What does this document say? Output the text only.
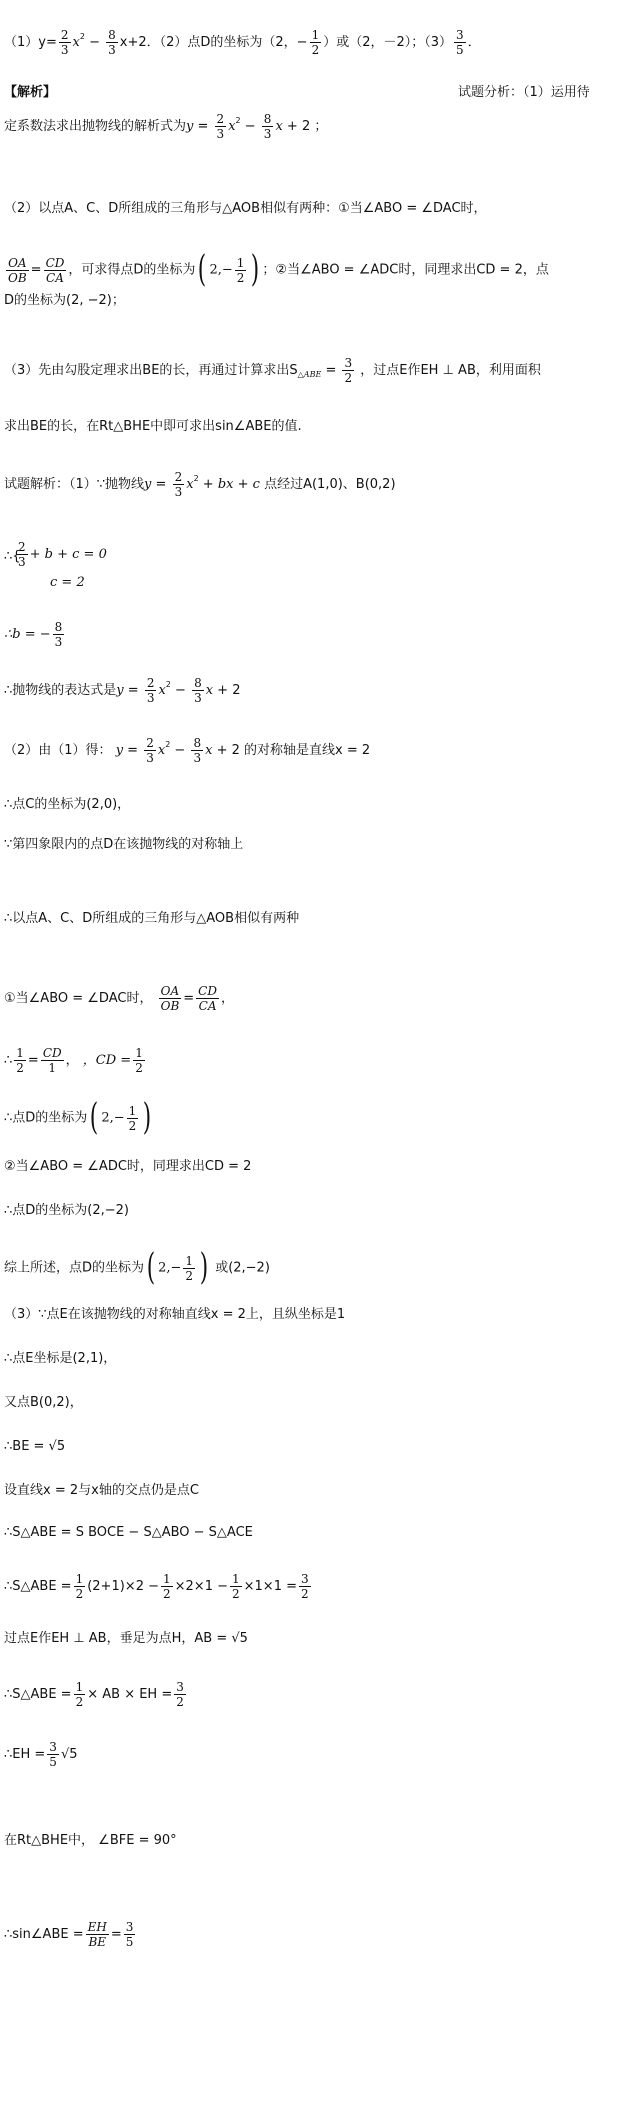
$(1)y= \frac{2}{3} x^2 - \frac{8}{3} x+2$．（2）点D的坐标为（2，− $\frac{1}{2}$ ）或（2，－2）；$(3) \frac{3}{5}$ ．
【解析】	试题分析：（1）运用待
定系数法求出抛物线的解析式为$y = \frac{2}{3} x^2 - \frac{8}{3}$ x + 2 ；
（2）以点A、C、D所组成的三角形与△AOB相似有两种：①当∠ABO = ∠DAC时，
$\frac{OA}{OB} = \frac{CD}{CA}$ ，可求得点D的坐标为( $2,- \frac{1}{2}$ ) ；②当∠ABO = ∠ADC时，同理求出CD = 2，点
D的坐标为(2, −2)；
（3）先由勾股定理求出BE的长，再通过计算求出$S_{\triangle ABE} = \frac{3}{2}$ ，过点E作EH ⊥ AB，利用面积
求出BE的长，在Rt△BHE中即可求出sin∠ABE的值.
试题解析：（1）∵抛物线$y = \frac{2}{3} x^2$ + bx + c 点经过A(1,0)、B(0,2)
$\frac{2}{3} + b + c = 0$
∴{
c = 2
∴b = − $\frac{8}{3}$
∴抛物线的表达式是$y = \frac{2}{3} x^2 - \frac{8}{3}$ x + 2
（2）由（1）得： $y = \frac{2}{3} x^2 - \frac{8}{3}$ x + 2 的对称轴是直线x = 2
∴点C的坐标为(2,0)，
∵第四象限内的点D在该抛物线的对称轴上
∴以点A、C、D所组成的三角形与△AOB相似有两种
①当∠ABO = ∠DAC时， $\frac{OA}{OB} = \frac{CD}{CA}$ ，
∴ $\frac{1}{2} = \frac{CD}{1}$ ， ，CD = $\frac{1}{2}$
∴点D的坐标为( $2,- \frac{1}{2}$ )
②当∠ABO = ∠ADC时，同理求出CD = 2
∴点D的坐标为(2,−2)
综上所述，点D的坐标为( $2,- \frac{1}{2}$ ) 或(2,−2)
（3）∵点E在该抛物线的对称轴直线x = 2上，且纵坐标是1
∴点E坐标是(2,1)，
又点B(0,2)，
∴BE = √5
设直线x = 2与x轴的交点仍是点C
∴S△ABE = S BOCE − S△ABO − S△ACE
∴S△ABE = $\frac{1}{2} (2+1)\times 2 - \frac{1}{2} \times 2\times 1 - \frac{1}{2} \times 1\times 1 = \frac{3}{2}$
过点E作EH ⊥ AB，垂足为点H，AB = √5
∴S△ABE = $\frac{1}{2}$ × AB × EH = $\frac{3}{2}$
∴EH = $\frac{3}{5} √5$
在Rt△BHE中， ∠BFE = 90°
∴sin∠ABE = $\frac{EH}{BE} = \frac{3}{5}$
